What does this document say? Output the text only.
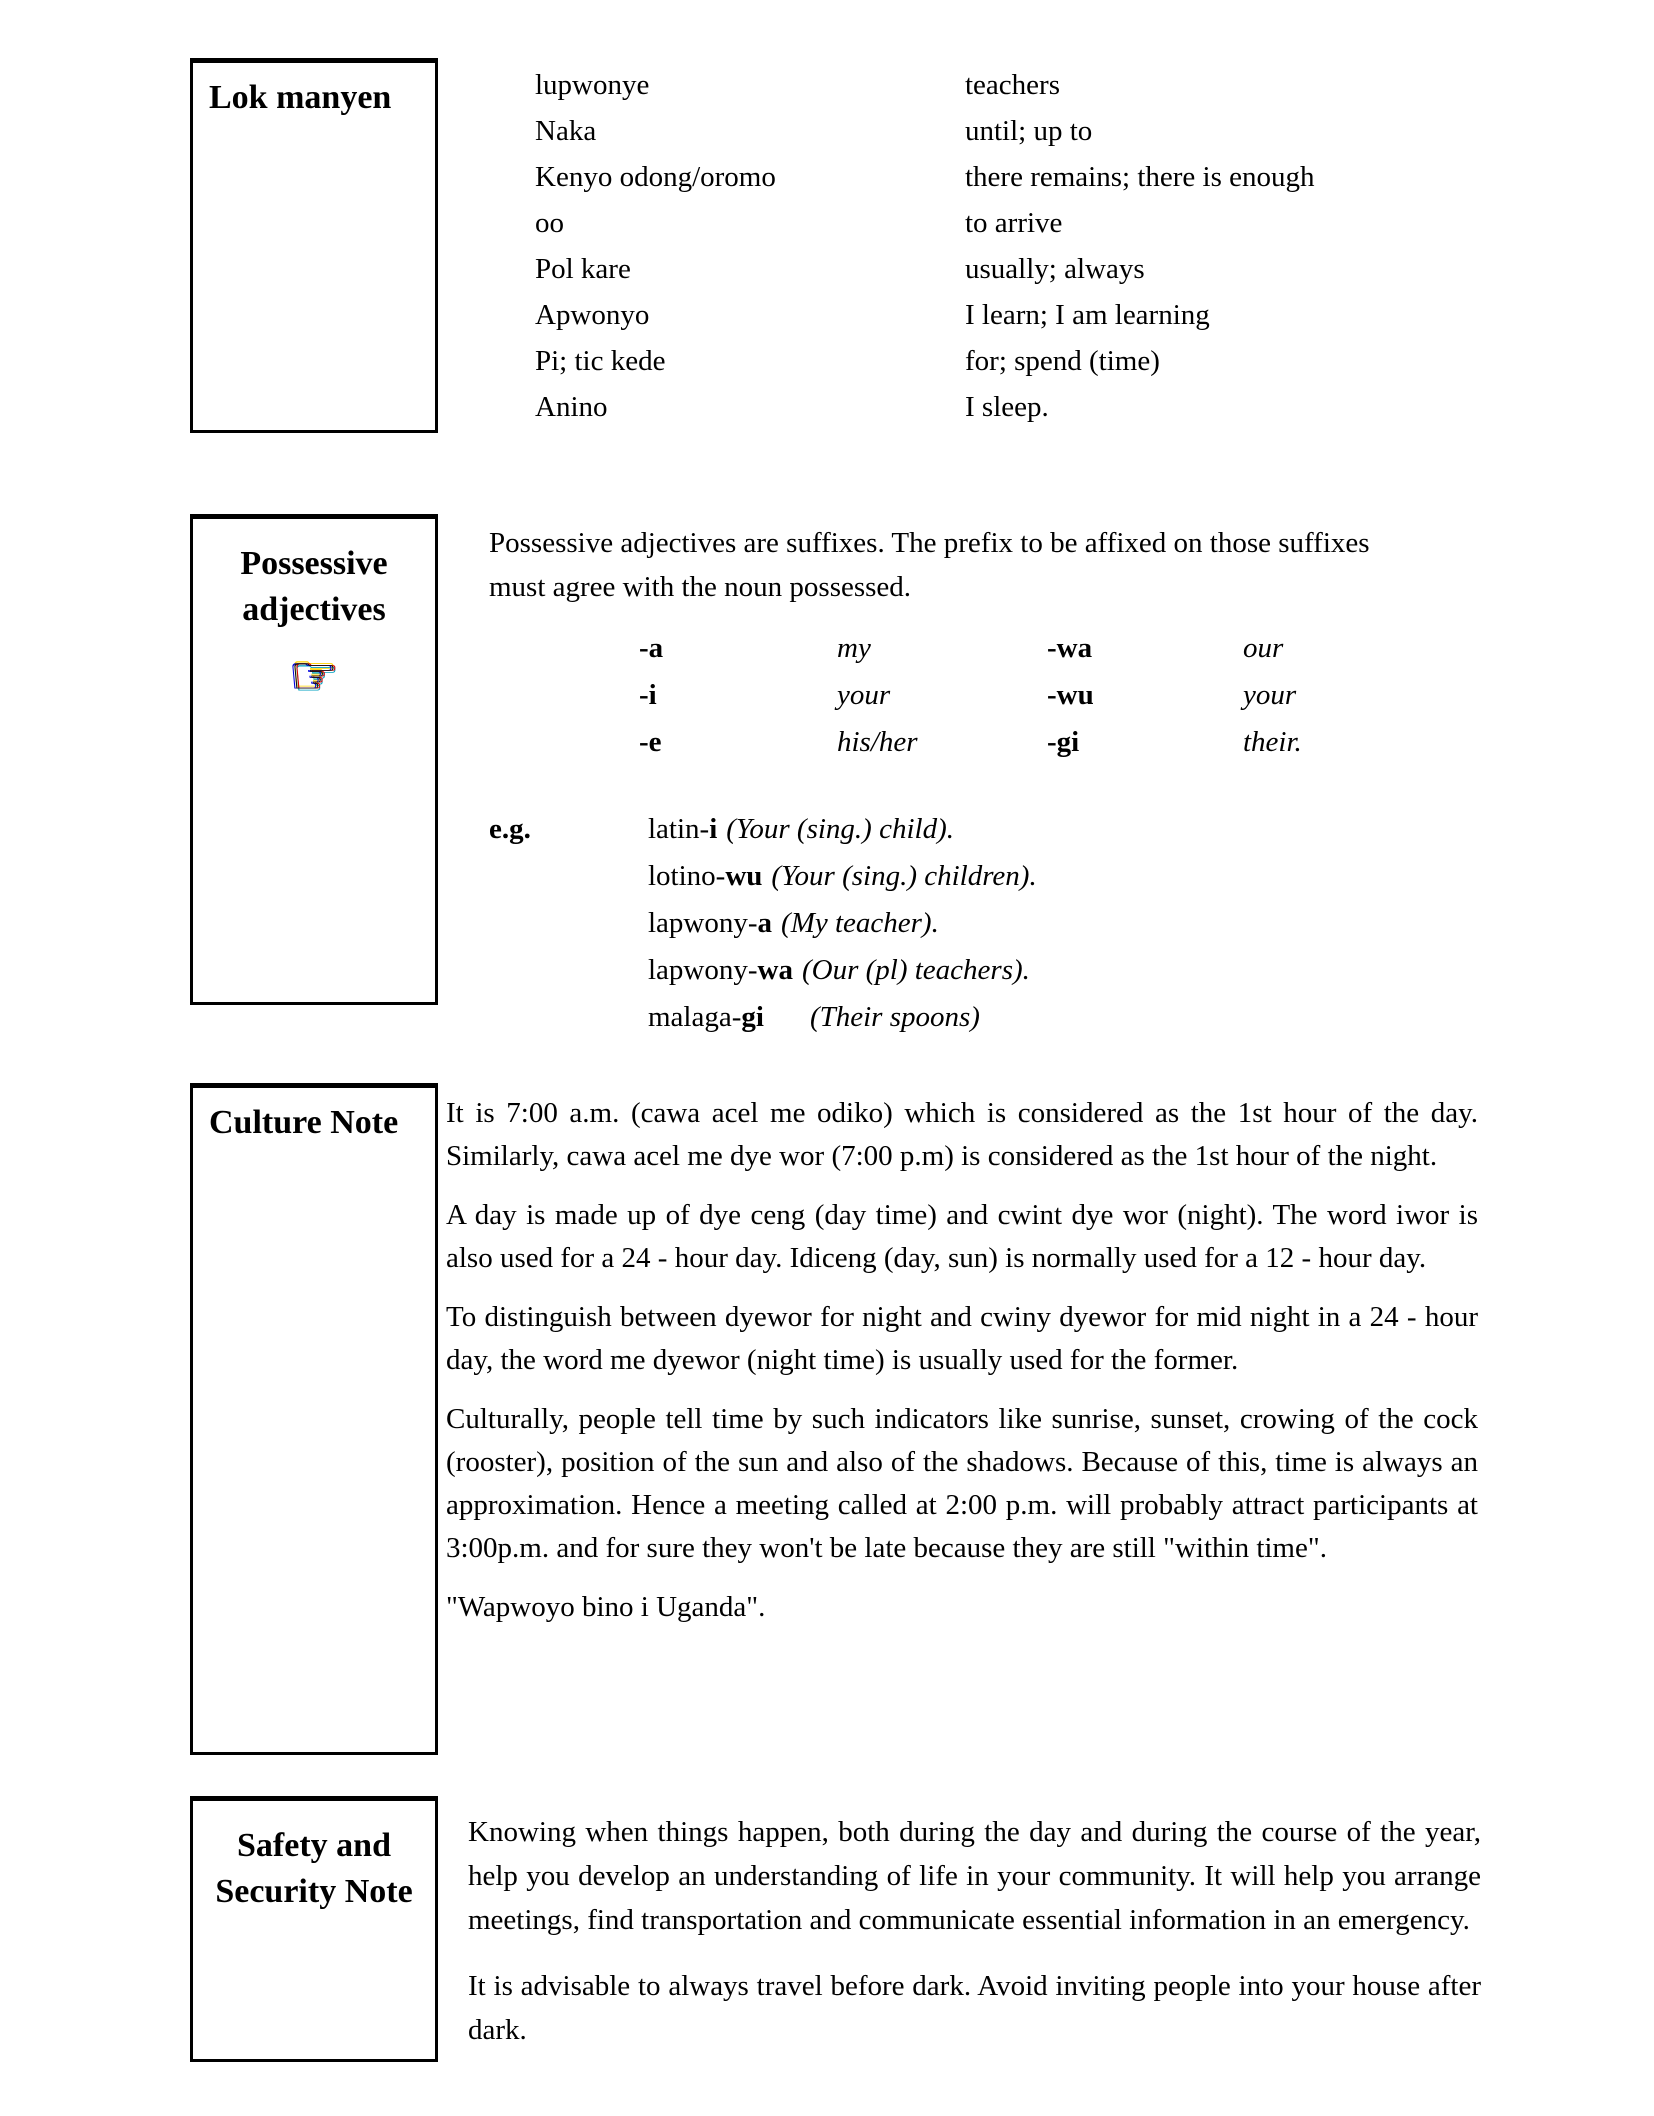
Lok manyen	lupwonye	teachers
Naka	until; up to
Kenyo odong/oromo	there remains; there is enough
oo	to arrive
Pol kare	usually; always
Apwonyo	I learn; I am learning
Pi; tic kede	for; spend (time)
Anino	I sleep.
Possessive
adjectives
☞

Possessive adjectives are suffixes. The prefix to be affixed on those suffixes must agree with the noun possessed.

-a	my	-wa	our
-i	your	-wu	your
-e	his/her	-gi	their.
e.g.	latin-i (Your (sing.) child).
lotino-wu (Your (sing.) children).
lapwony-a (My teacher).
lapwony-wa (Our (pl) teachers).
malaga-gi (Their spoons)
Culture Note	It is 7:00 a.m. (cawa acel me odiko) which is considered as the 1st hour of the day. Similarly, cawa acel me dye wor (7:00 p.m) is considered as the 1st hour of the night.

A day is made up of dye ceng (day time) and cwint dye wor (night). The word iwor is also used for a 24 - hour day. Idiceng (day, sun) is normally used for a 12 - hour day.

To distinguish between dyewor for night and cwiny dyewor for mid night in a 24 - hour day, the word me dyewor (night time) is usually used for the former.

Culturally, people tell time by such indicators like sunrise, sunset, crowing of the cock (rooster), position of the sun and also of the shadows. Because of this, time is always an approximation. Hence a meeting called at 2:00 p.m. will probably attract participants at 3:00p.m. and for sure they won't be late because they are still "within time".

"Wapwoyo bino i Uganda".

Safety and
Security Note

Knowing when things happen, both during the day and during the course of the year, help you develop an understanding of life in your community. It will help you arrange meetings, find transportation and communicate essential information in an emergency.

It is advisable to always travel before dark. Avoid inviting people into your house after dark.
